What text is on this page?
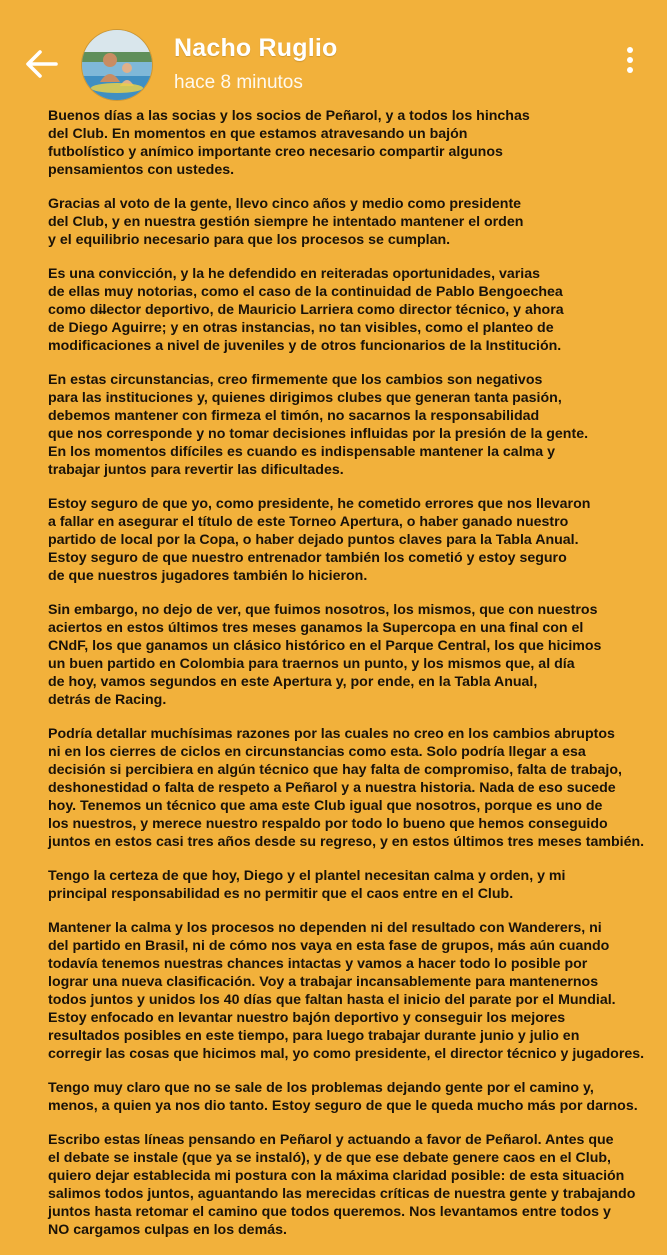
Nacho Ruglio
hace 8 minutos

Buenos días a las socias y los socios de Peñarol, y a todos los hinchas
del Club. En momentos en que estamos atravesando un bajón
futbolístico y anímico importante creo necesario compartir algunos
pensamientos con ustedes.

Gracias al voto de la gente, llevo cinco años y medio como presidente
del Club, y en nuestra gestión siempre he intentado mantener el orden
y el equilibrio necesario para que los procesos se cumplan.

Es una convicción, y la he defendido en reiteradas oportunidades, varias
de ellas muy notorias, como el caso de la continuidad de Pablo Bengoechea
como di̶lector deportivo, de Mauricio Larriera como director técnico, y ahora
de Diego Aguirre; y en otras instancias, no tan visibles, como el planteo de
modificaciones a nivel de juveniles y de otros funcionarios de la Institución.

En estas circunstancias, creo firmemente que los cambios son negativos
para las instituciones y, quienes dirigimos clubes que generan tanta pasión,
debemos mantener con firmeza el timón, no sacarnos la responsabilidad
que nos corresponde y no tomar decisiones influidas por la presión de la gente.
En los momentos difíciles es cuando es indispensable mantener la calma y
trabajar juntos para revertir las dificultades.

Estoy seguro de que yo, como presidente, he cometido errores que nos llevaron
a fallar en asegurar el título de este Torneo Apertura, o haber ganado nuestro
partido de local por la Copa, o haber dejado puntos claves para la Tabla Anual.
Estoy seguro de que nuestro entrenador también los cometió y estoy seguro
de que nuestros jugadores también lo hicieron.

Sin embargo, no dejo de ver, que fuimos nosotros, los mismos, que con nuestros
aciertos en estos últimos tres meses ganamos la Supercopa en una final con el
CNdF, los que ganamos un clásico histórico en el Parque Central, los que hicimos
un buen partido en Colombia para traernos un punto, y los mismos que, al día
de hoy, vamos segundos en este Apertura y, por ende, en la Tabla Anual,
detrás de Racing.

Podría detallar muchísimas razones por las cuales no creo en los cambios abruptos
ni en los cierres de ciclos en circunstancias como esta. Solo podría llegar a esa
decisión si percibiera en algún técnico que hay falta de compromiso, falta de trabajo,
deshonestidad o falta de respeto a Peñarol y a nuestra historia. Nada de eso sucede
hoy. Tenemos un técnico que ama este Club igual que nosotros, porque es uno de
los nuestros, y merece nuestro respaldo por todo lo bueno que hemos conseguido
juntos en estos casi tres años desde su regreso, y en estos últimos tres meses también.

Tengo la certeza de que hoy, Diego y el plantel necesitan calma y orden, y mi
principal responsabilidad es no permitir que el caos entre en el Club.

Mantener la calma y los procesos no dependen ni del resultado con Wanderers, ni
del partido en Brasil, ni de cómo nos vaya en esta fase de grupos, más aún cuando
todavía tenemos nuestras chances intactas y vamos a hacer todo lo posible por
lograr una nueva clasificación. Voy a trabajar incansablemente para mantenernos
todos juntos y unidos los 40 días que faltan hasta el inicio del parate por el Mundial.
Estoy enfocado en levantar nuestro bajón deportivo y conseguir los mejores
resultados posibles en este tiempo, para luego trabajar durante junio y julio en
corregir las cosas que hicimos mal, yo como presidente, el director técnico y jugadores.

Tengo muy claro que no se sale de los problemas dejando gente por el camino y,
menos, a quien ya nos dio tanto. Estoy seguro de que le queda mucho más por darnos.

Escribo estas líneas pensando en Peñarol y actuando a favor de Peñarol. Antes que
el debate se instale (que ya se instaló), y de que ese debate genere caos en el Club,
quiero dejar establecida mi postura con la máxima claridad posible: de esta situación
salimos todos juntos, aguantando las merecidas críticas de nuestra gente y trabajando
juntos hasta retomar el camino que todos queremos. Nos levantamos entre todos y
NO cargamos culpas en los demás.
